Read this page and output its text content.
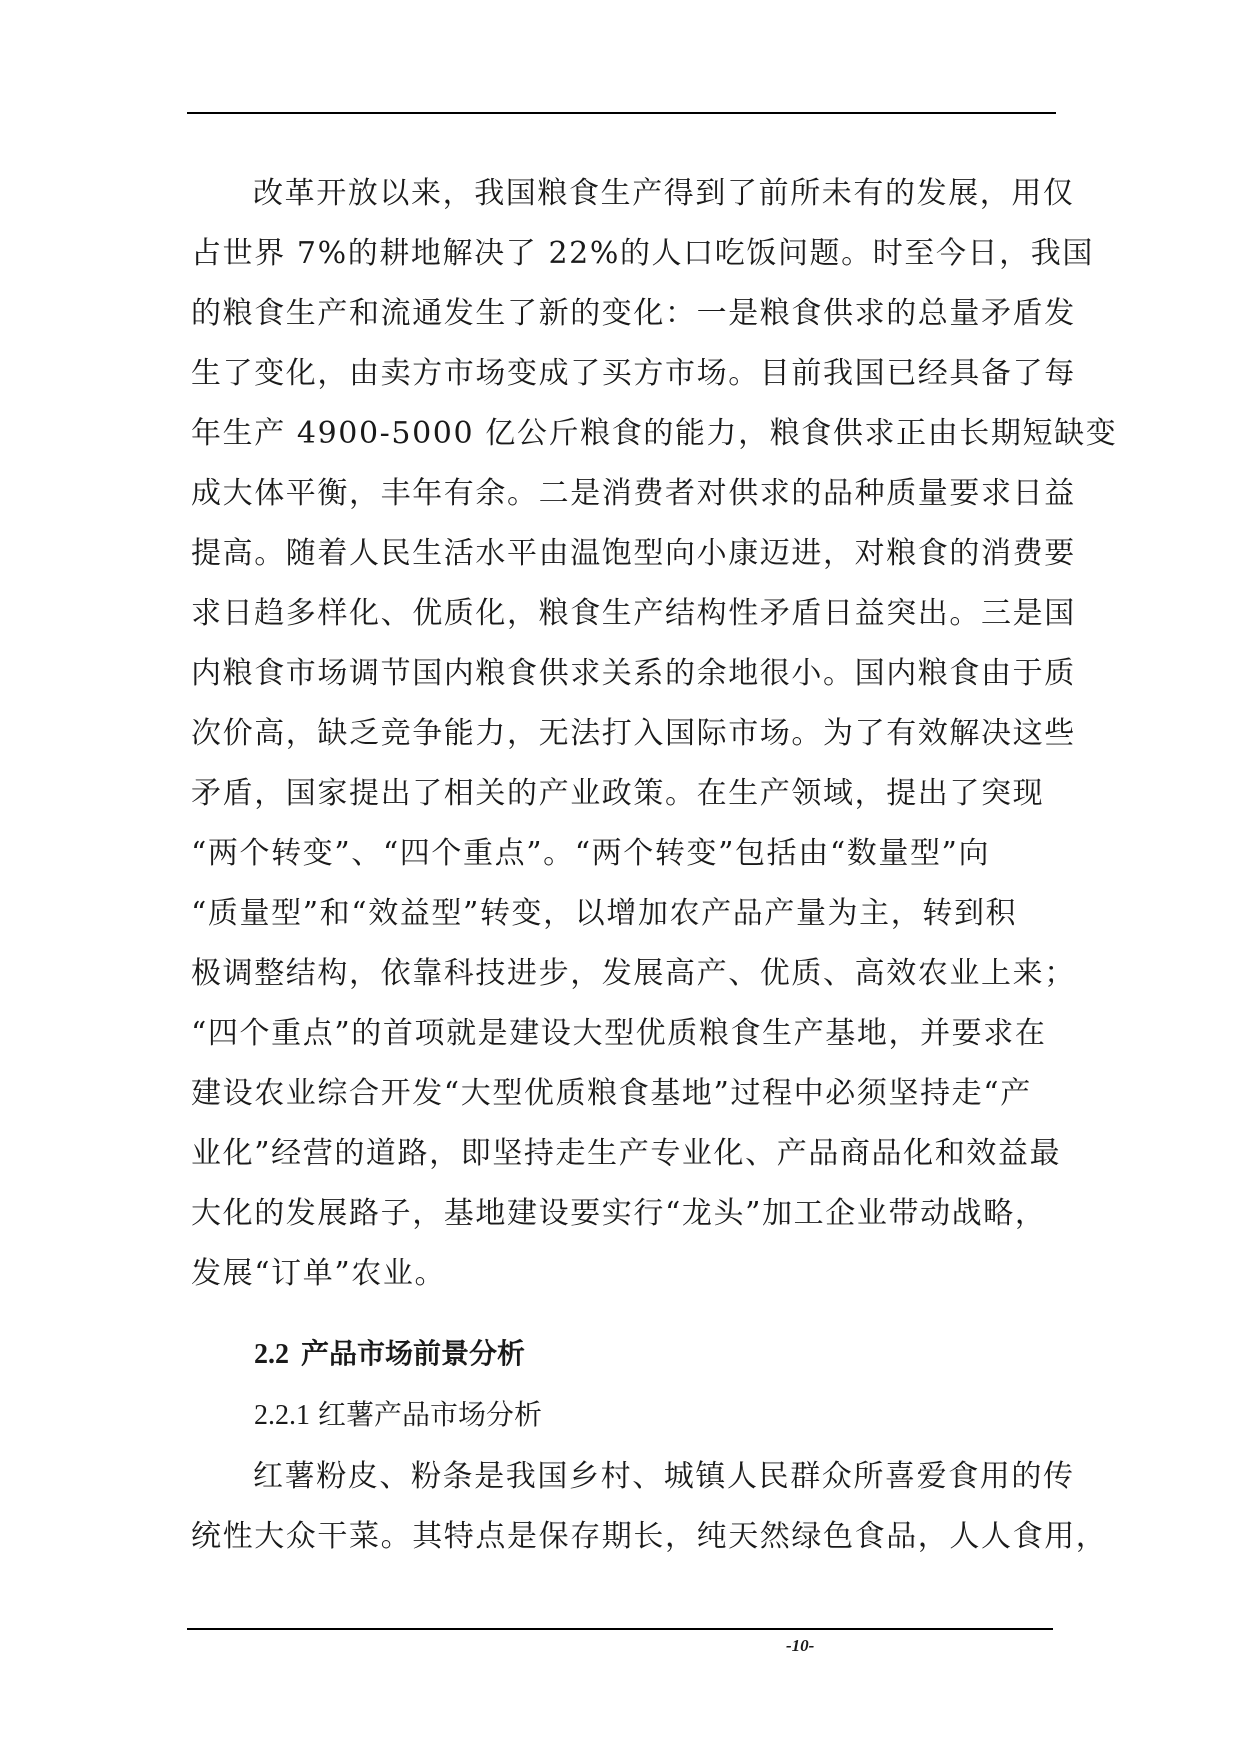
改革开放以来，我国粮食生产得到了前所未有的发展，用仅
占世界 7%的耕地解决了 22%的人口吃饭问题。时至今日，我国
的粮食生产和流通发生了新的变化：一是粮食供求的总量矛盾发
生了变化，由卖方市场变成了买方市场。目前我国已经具备了每
年生产 4900-5000 亿公斤粮食的能力，粮食供求正由长期短缺变
成大体平衡，丰年有余。二是消费者对供求的品种质量要求日益
提高。随着人民生活水平由温饱型向小康迈进，对粮食的消费要
求日趋多样化、优质化，粮食生产结构性矛盾日益突出。三是国
内粮食市场调节国内粮食供求关系的余地很小。国内粮食由于质
次价高，缺乏竞争能力，无法打入国际市场。为了有效解决这些
矛盾，国家提出了相关的产业政策。在生产领域，提出了突现
“两个转变”、“四个重点”。“两个转变”包括由“数量型”向
“质量型”和“效益型”转变，以增加农产品产量为主，转到积
极调整结构，依靠科技进步，发展高产、优质、高效农业上来；
“四个重点”的首项就是建设大型优质粮食生产基地，并要求在
建设农业综合开发“大型优质粮食基地”过程中必须坚持走“产
业化”经营的道路，即坚持走生产专业化、产品商品化和效益最
大化的发展路子，基地建设要实行“龙头”加工企业带动战略，
发展“订单”农业。
2.2 产品市场前景分析
2.2.1 红薯产品市场分析
红薯粉皮、粉条是我国乡村、城镇人民群众所喜爱食用的传
统性大众干菜。其特点是保存期长，纯天然绿色食品，人人食用，
-10-
